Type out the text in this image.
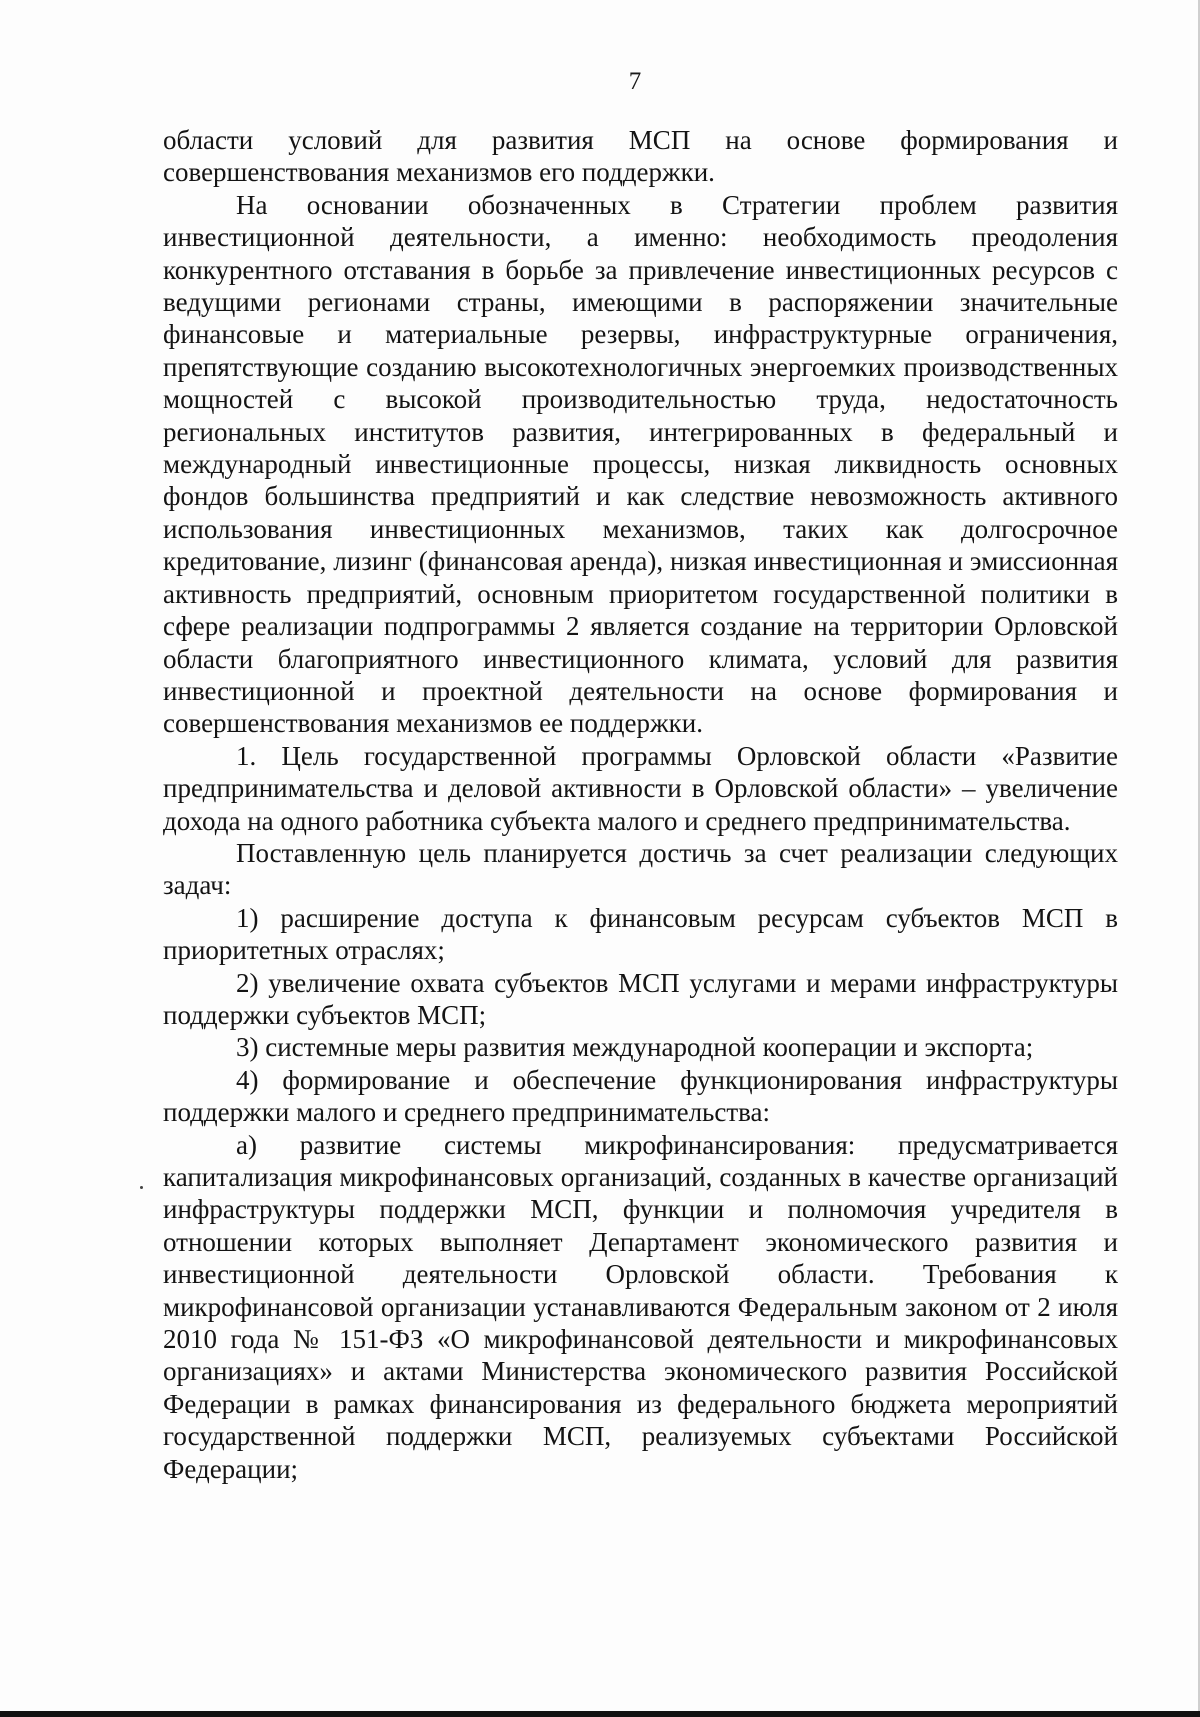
7

области условий для развития МСП на основе формирования и совершенствования механизмов его поддержки.

На основании обозначенных в Стратегии проблем развития инвестиционной деятельности, а именно: необходимость преодоления конкурентного отставания в борьбе за привлечение инвестиционных ресурсов с ведущими регионами страны, имеющими в распоряжении значительные финансовые и материальные резервы, инфраструктурные ограничения, препятствующие созданию высокотехнологичных энергоемких производственных мощностей с высокой производительностью труда, недостаточность региональных институтов развития, интегрированных в федеральный и международный инвестиционные процессы, низкая ликвидность основных фондов большинства предприятий и как следствие невозможность активного использования инвестиционных механизмов, таких как долгосрочное кредитование, лизинг (финансовая аренда), низкая инвестиционная и эмиссионная активность предприятий, основным приоритетом государственной политики в сфере реализации подпрограммы 2 является создание на территории Орловской области благоприятного инвестиционного климата, условий для развития инвестиционной и проектной деятельности на основе формирования и совершенствования механизмов ее поддержки.

1. Цель государственной программы Орловской области «Развитие предпринимательства и деловой активности в Орловской области» – увеличение дохода на одного работника субъекта малого и среднего предпринимательства.

Поставленную цель планируется достичь за счет реализации следующих задач:

1) расширение доступа к финансовым ресурсам субъектов МСП в приоритетных отраслях;

2) увеличение охвата субъектов МСП услугами и мерами инфраструктуры поддержки субъектов МСП;

3) системные меры развития международной кооперации и экспорта;

4) формирование и обеспечение функционирования инфраструктуры поддержки малого и среднего предпринимательства:

а) развитие системы микрофинансирования: предусматривается капитализация микрофинансовых организаций, созданных в качестве организаций инфраструктуры поддержки МСП, функции и полномочия учредителя в отношении которых выполняет Департамент экономического развития и инвестиционной деятельности Орловской области. Требования к микрофинансовой организации устанавливаются Федеральным законом от 2 июля 2010 года № 151-ФЗ «О микрофинансовой деятельности и микрофинансовых организациях» и актами Министерства экономического развития Российской Федерации в рамках финансирования из федерального бюджета мероприятий государственной поддержки МСП, реализуемых субъектами Российской Федерации;
